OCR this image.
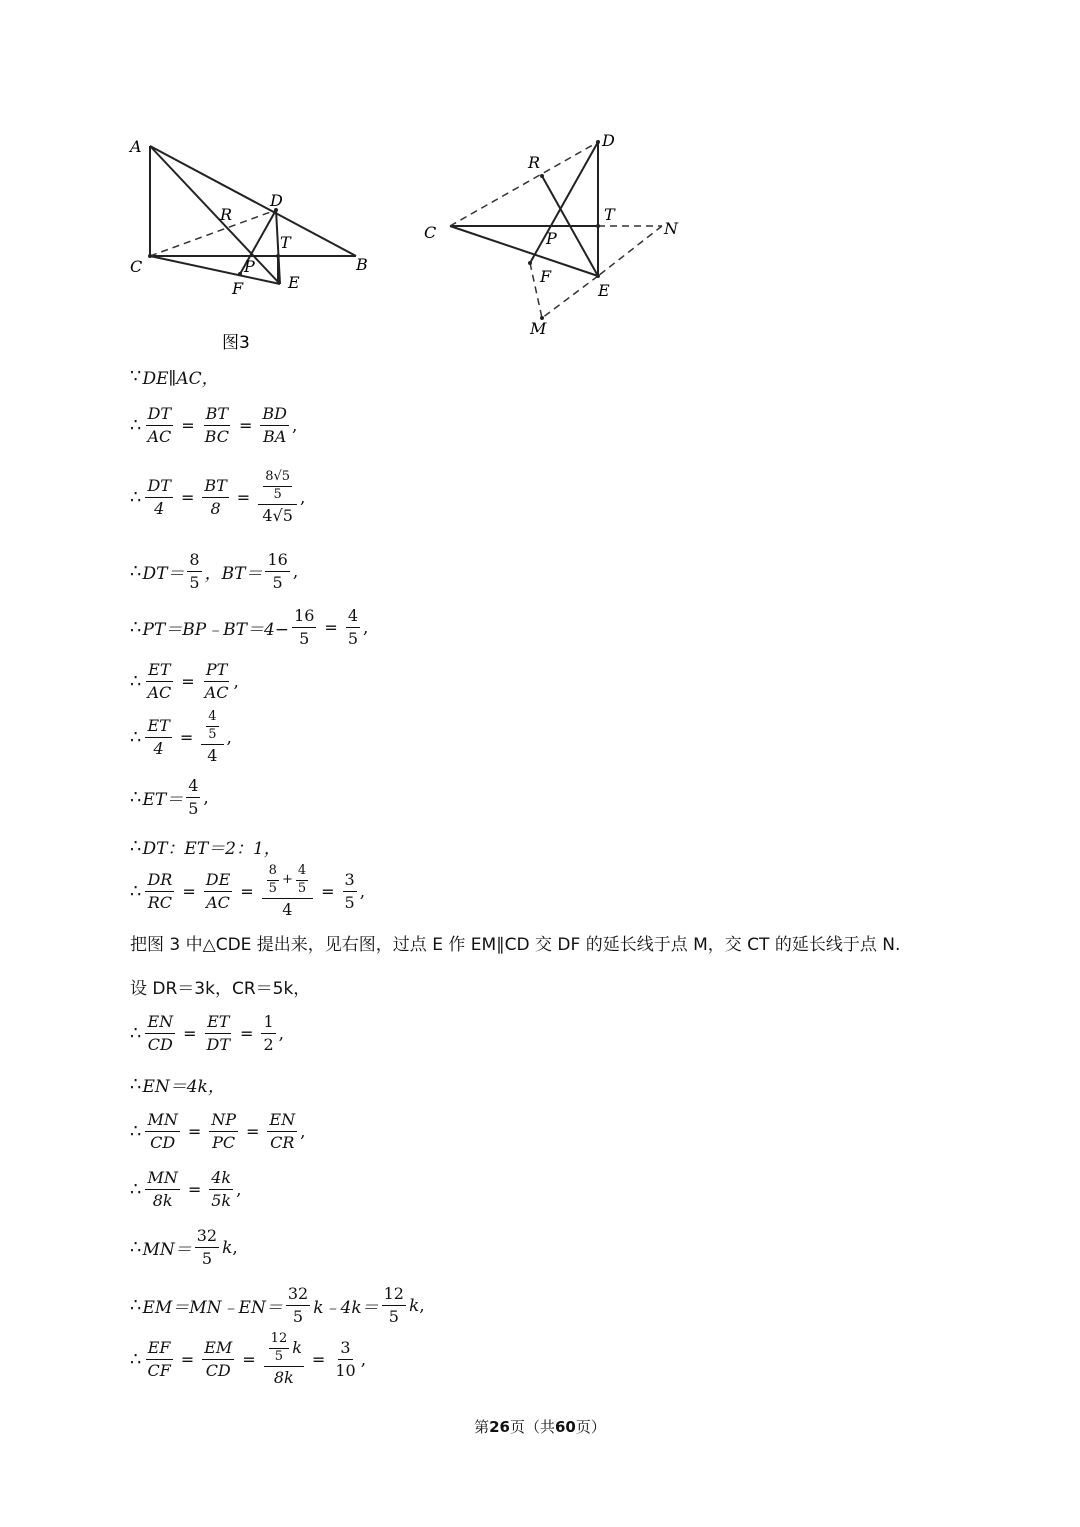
A
D
R
T
C	P	B
F	E
图3
D
R
T
C	P
N
F
E
M
∵ DE∥AC，
∴ $\frac{DT}{AC} = \frac{BT}{BC} = \frac{BD}{BA}$ ,
∴ $\frac{DT}{4} = \frac{BT}{8} = \frac{\frac{8√5}{5}}{4√5}$ ,
∴ $DT= \frac{8}{5}$ ，$BT= \frac{16}{5}$ ,
∴ PT＝BP﹣BT＝4− $\frac{16}{5} = \frac{4}{5}$ ,
∴ $\frac{ET}{AC} = \frac{PT}{AC}$ ,
∴ $\frac{ET}{4} = \frac{\frac{4}{5}}{4}$ ,
∴ $ET= \frac{4}{5}$ ,
∴ DT：ET＝2：1，
∴ $\frac{DR}{RC} = \frac{DE}{AC} = \frac{\frac{8}{5} + \frac{4}{5}}{4} = \frac{3}{5}$ ,
把图 3 中△CDE 提出来，见右图，过点 E 作 EM∥CD 交 DF 的延长线于点 M，交 CT 的延长线于点 N.
设 DR＝3k，CR＝5k，
∴ $\frac{EN}{CD} = \frac{ET}{DT} = \frac{1}{2}$ ,
∴ EN＝4k，
∴ $\frac{MN}{CD} = \frac{NP}{PC} = \frac{EN}{CR}$ ,
∴ $\frac{MN}{8k} = \frac{4k}{5k}$ ,
∴ $MN= \frac{32}{5}$ k ,
∴ EM＝MN﹣EN＝ $\frac{32}{5}$ k﹣4k＝ $\frac{12}{5}$ k ,
∴ $\frac{EF}{CF} = \frac{EM}{CD} = \frac{\frac{12}{5} k}{8k} = \frac{3}{10}$ ,
第26页（共60页）
